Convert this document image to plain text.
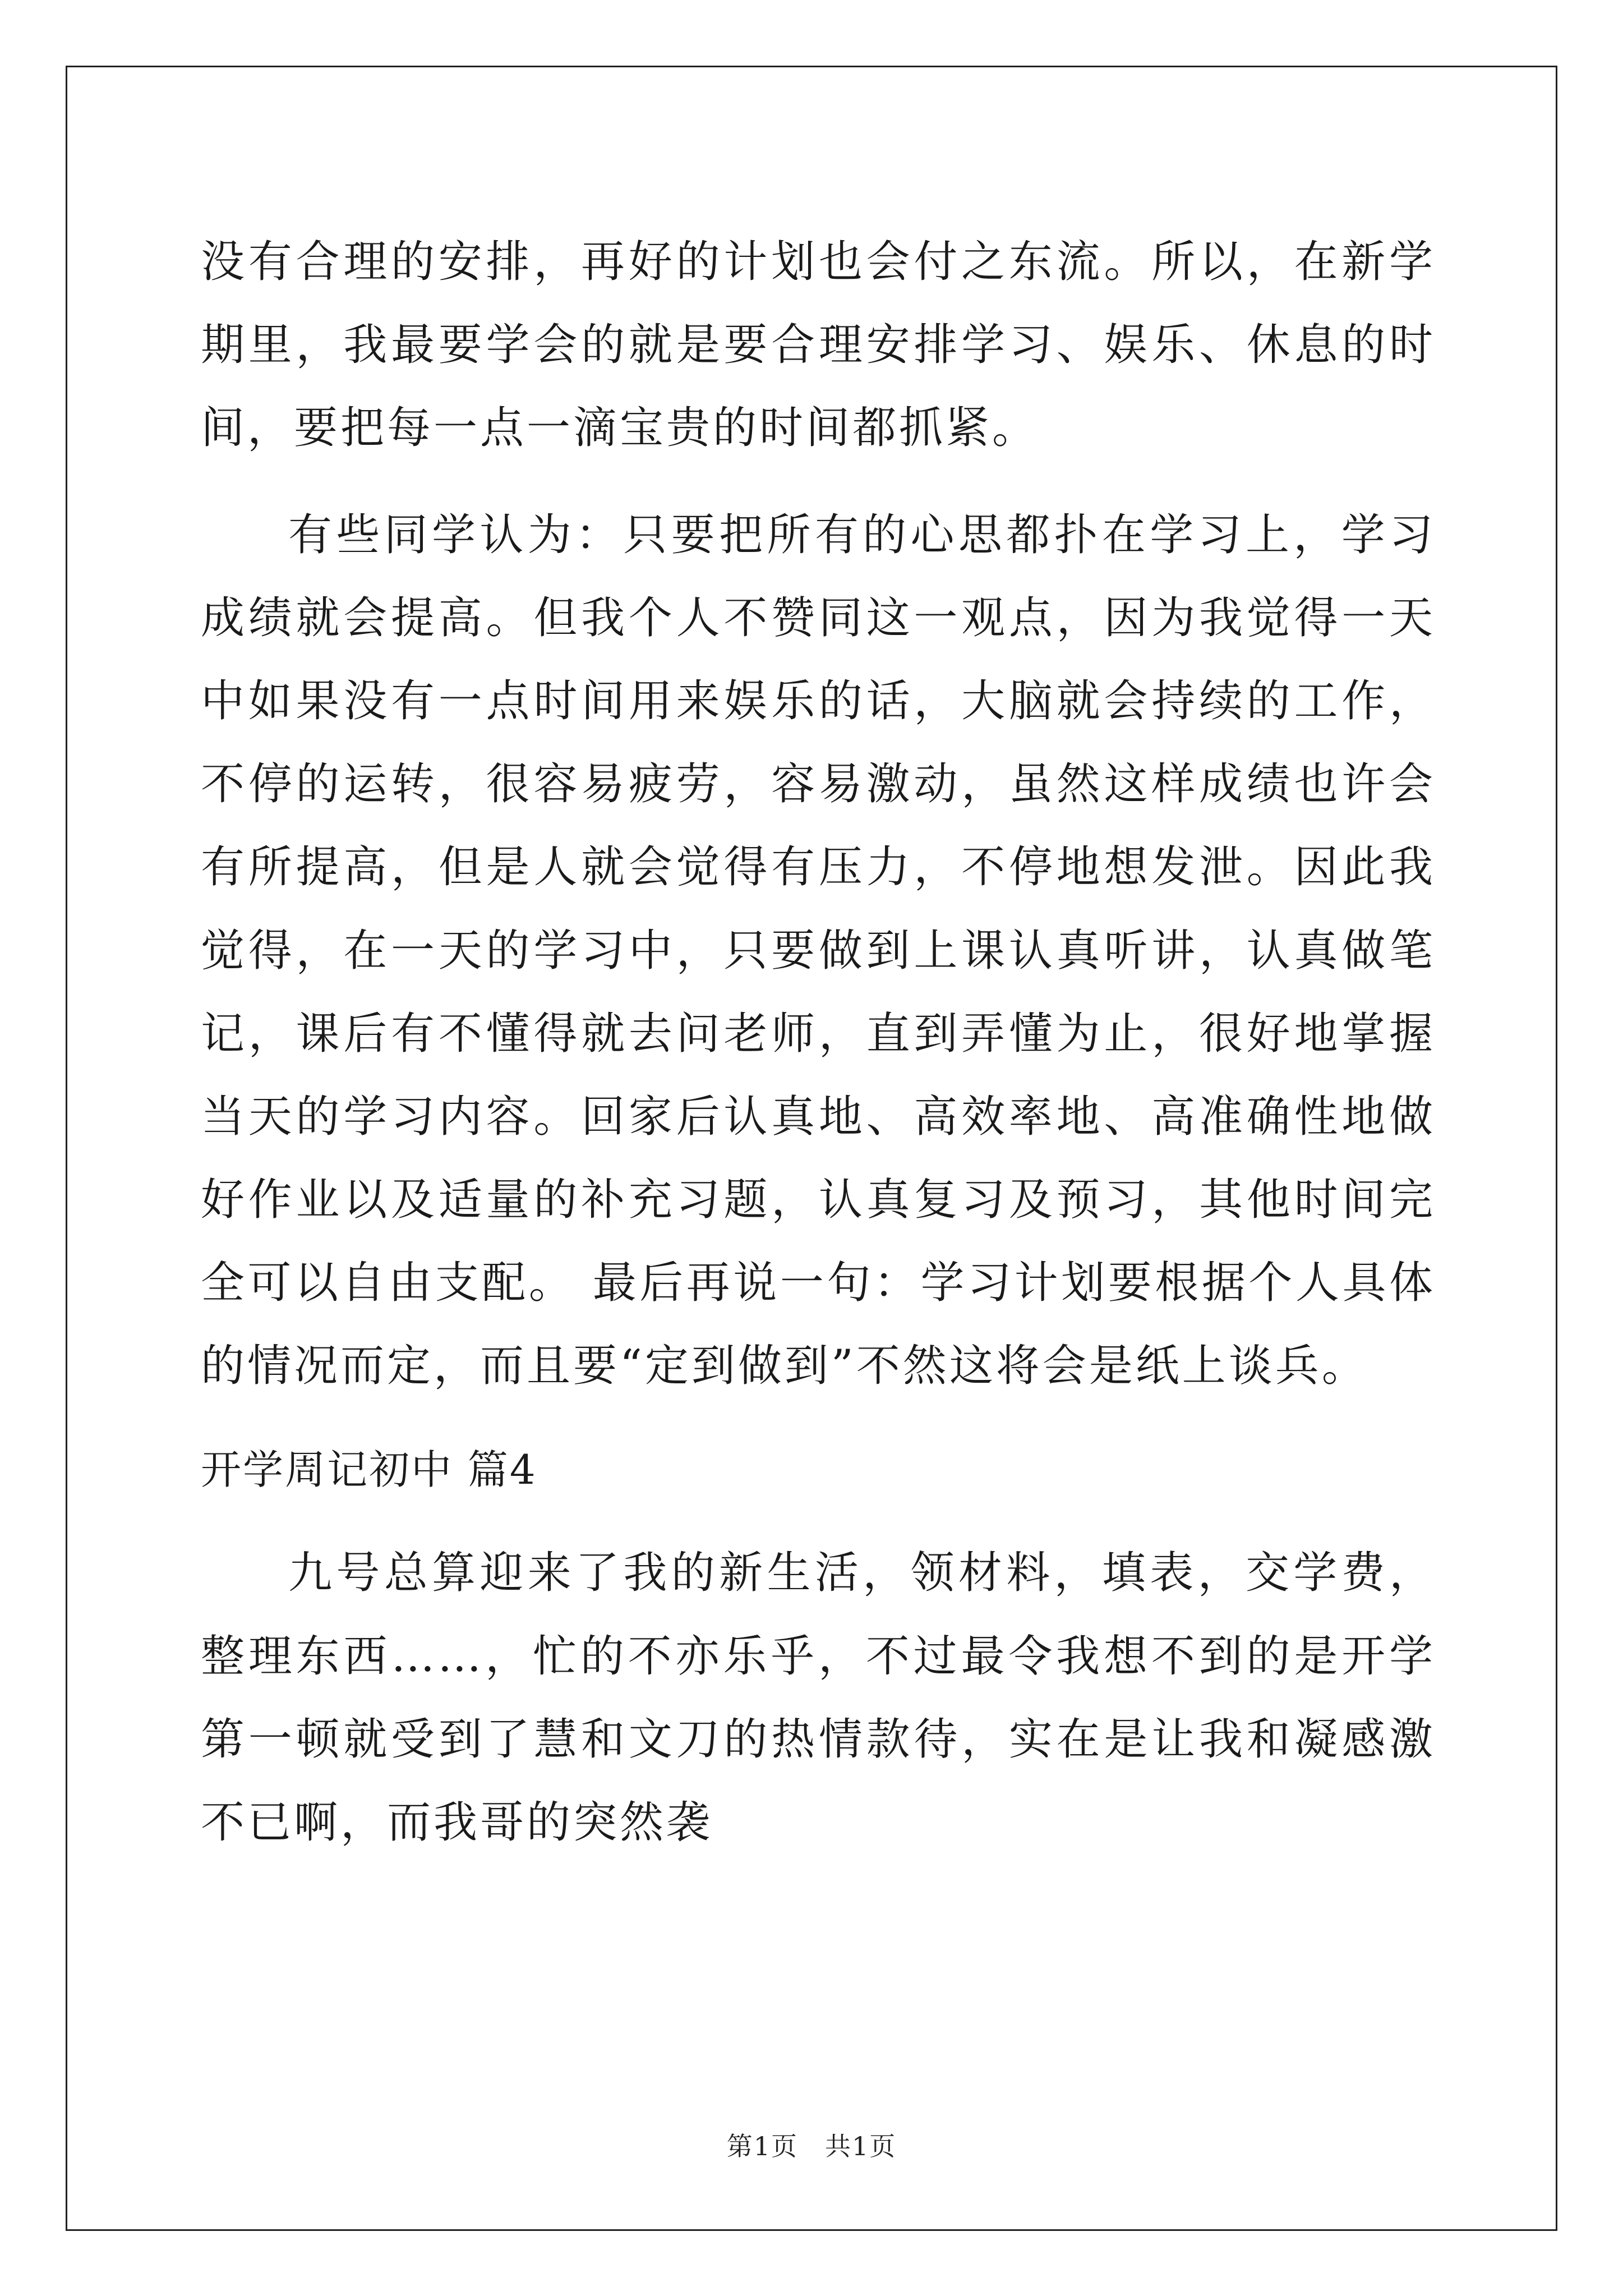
没有合理的安排，再好的计划也会付之东流。所以，在新学期里，我最要学会的就是要合理安排学习、娱乐、休息的时间，要把每一点一滴宝贵的时间都抓紧。

有些同学认为：只要把所有的心思都扑在学习上，学习成绩就会提高。但我个人不赞同这一观点，因为我觉得一天中如果没有一点时间用来娱乐的话，大脑就会持续的工作，不停的运转，很容易疲劳，容易激动，虽然这样成绩也许会有所提高，但是人就会觉得有压力，不停地想发泄。因此我觉得，在一天的学习中，只要做到上课认真听讲，认真做笔记，课后有不懂得就去问老师，直到弄懂为止，很好地掌握当天的学习内容。回家后认真地、高效率地、高准确性地做好作业以及适量的补充习题，认真复习及预习，其他时间完全可以自由支配。 最后再说一句：学习计划要根据个人具体的情况而定，而且要“定到做到”不然这将会是纸上谈兵。

开学周记初中 篇4

九号总算迎来了我的新生活，领材料，填表，交学费，整理东西……，忙的不亦乐乎，不过最令我想不到的是开学第一顿就受到了慧和文刀的热情款待，实在是让我和凝感激不已啊，而我哥的突然袭

第1页　共1页
